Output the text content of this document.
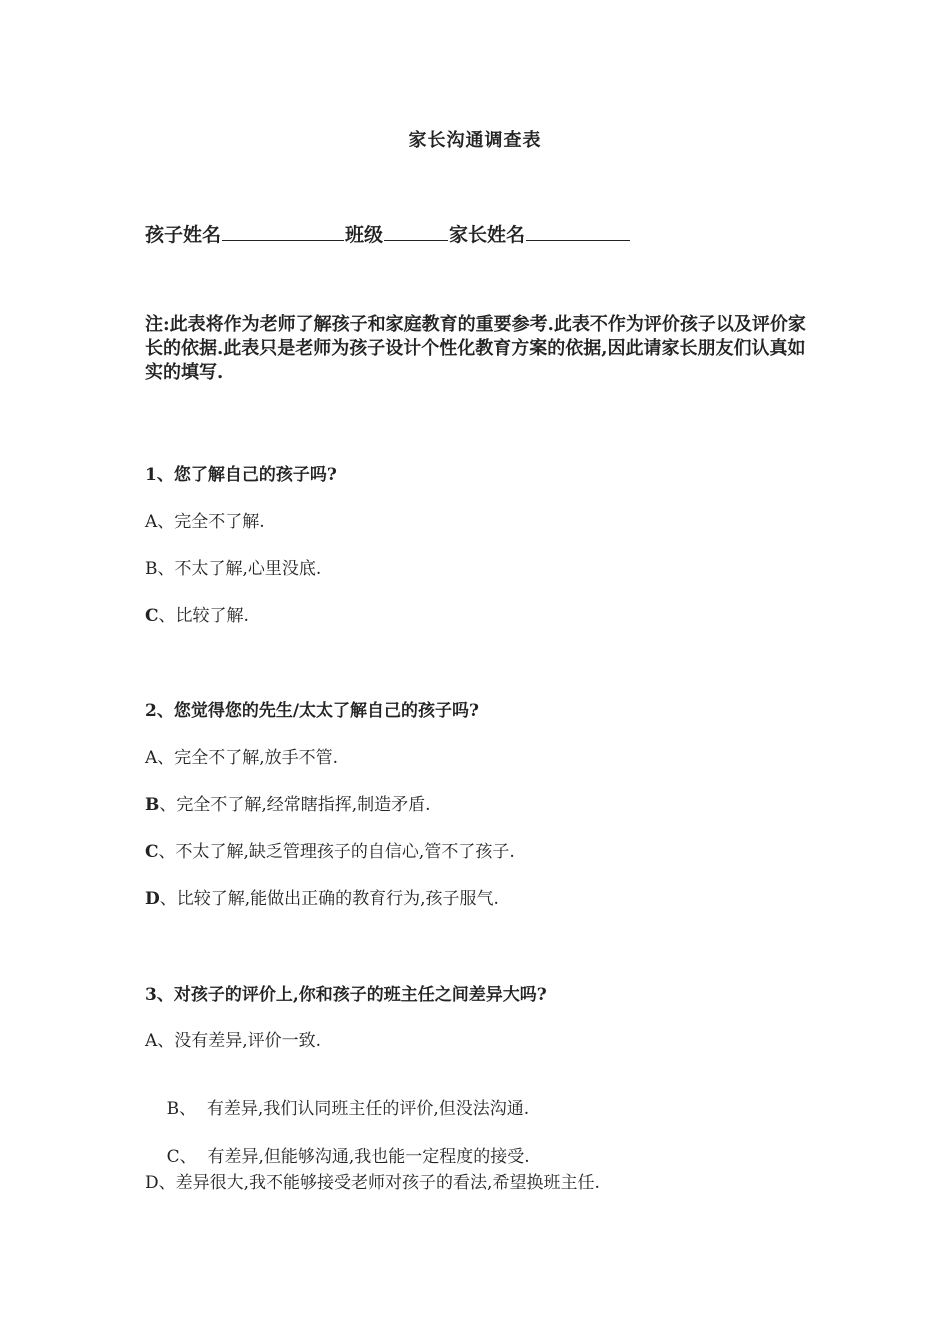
家长沟通调查表
孩子姓名	班级	家长姓名
注:此表将作为老师了解孩子和家庭教育的重要参考.此表不作为评价孩子以及评价家长的依据.此表只是老师为孩子设计个性化教育方案的依据,因此请家长朋友们认真如实的填写.
1、您了解自己的孩子吗?
A、完全不了解.
B、不太了解,心里没底.
C、比较了解.
2、您觉得您的先生/太太了解自己的孩子吗?
A、完全不了解,放手不管.
B、完全不了解,经常瞎指挥,制造矛盾.
C、不太了解,缺乏管理孩子的自信心,管不了孩子.
D、比较了解,能做出正确的教育行为,孩子服气.
3、对孩子的评价上,你和孩子的班主任之间差异大吗?
A、没有差异,评价一致.

B、  有差异,我们认同班主任的评价,但没法沟通.

C、  有差异,但能够沟通,我也能一定程度的接受.

D、差异很大,我不能够接受老师对孩子的看法,希望换班主任.
